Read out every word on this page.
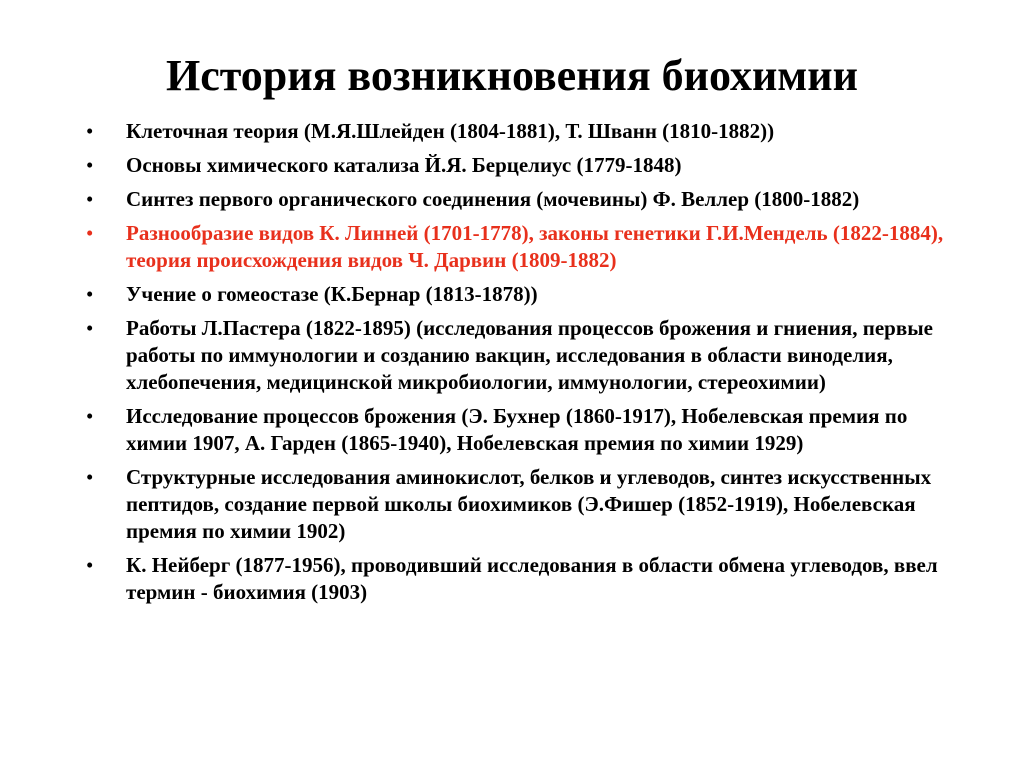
История возникновения биохимии
•	Клеточная теория (М.Я.Шлейден (1804-1881), Т. Шванн (1810-1882))
•	Основы химического катализа Й.Я. Берцелиус (1779-1848)
•	Синтез первого органического соединения (мочевины) Ф. Веллер (1800-1882)
•	Разнообразие видов К. Линней (1701-1778), законы генетики Г.И.Мендель (1822-1884), теория происхождения видов Ч. Дарвин (1809-1882)
•	Учение о гомеостазе (К.Бернар (1813-1878))
•	Работы Л.Пастера (1822-1895) (исследования процессов брожения и гниения, первые работы по иммунологии и созданию вакцин, исследования в области виноделия, хлебопечения, медицинской микробиологии, иммунологии, стереохимии)
•	Исследование процессов брожения (Э. Бухнер (1860-1917), Нобелевская премия по химии 1907, А. Гарден (1865-1940), Нобелевская премия по химии 1929)
•	Структурные исследования аминокислот, белков и углеводов, синтез искусственных пептидов, создание первой школы биохимиков (Э.Фишер (1852-1919), Нобелевская премия по химии 1902)
•	К. Нейберг (1877-1956), проводивший исследования в области обмена углеводов, ввел термин - биохимия (1903)
